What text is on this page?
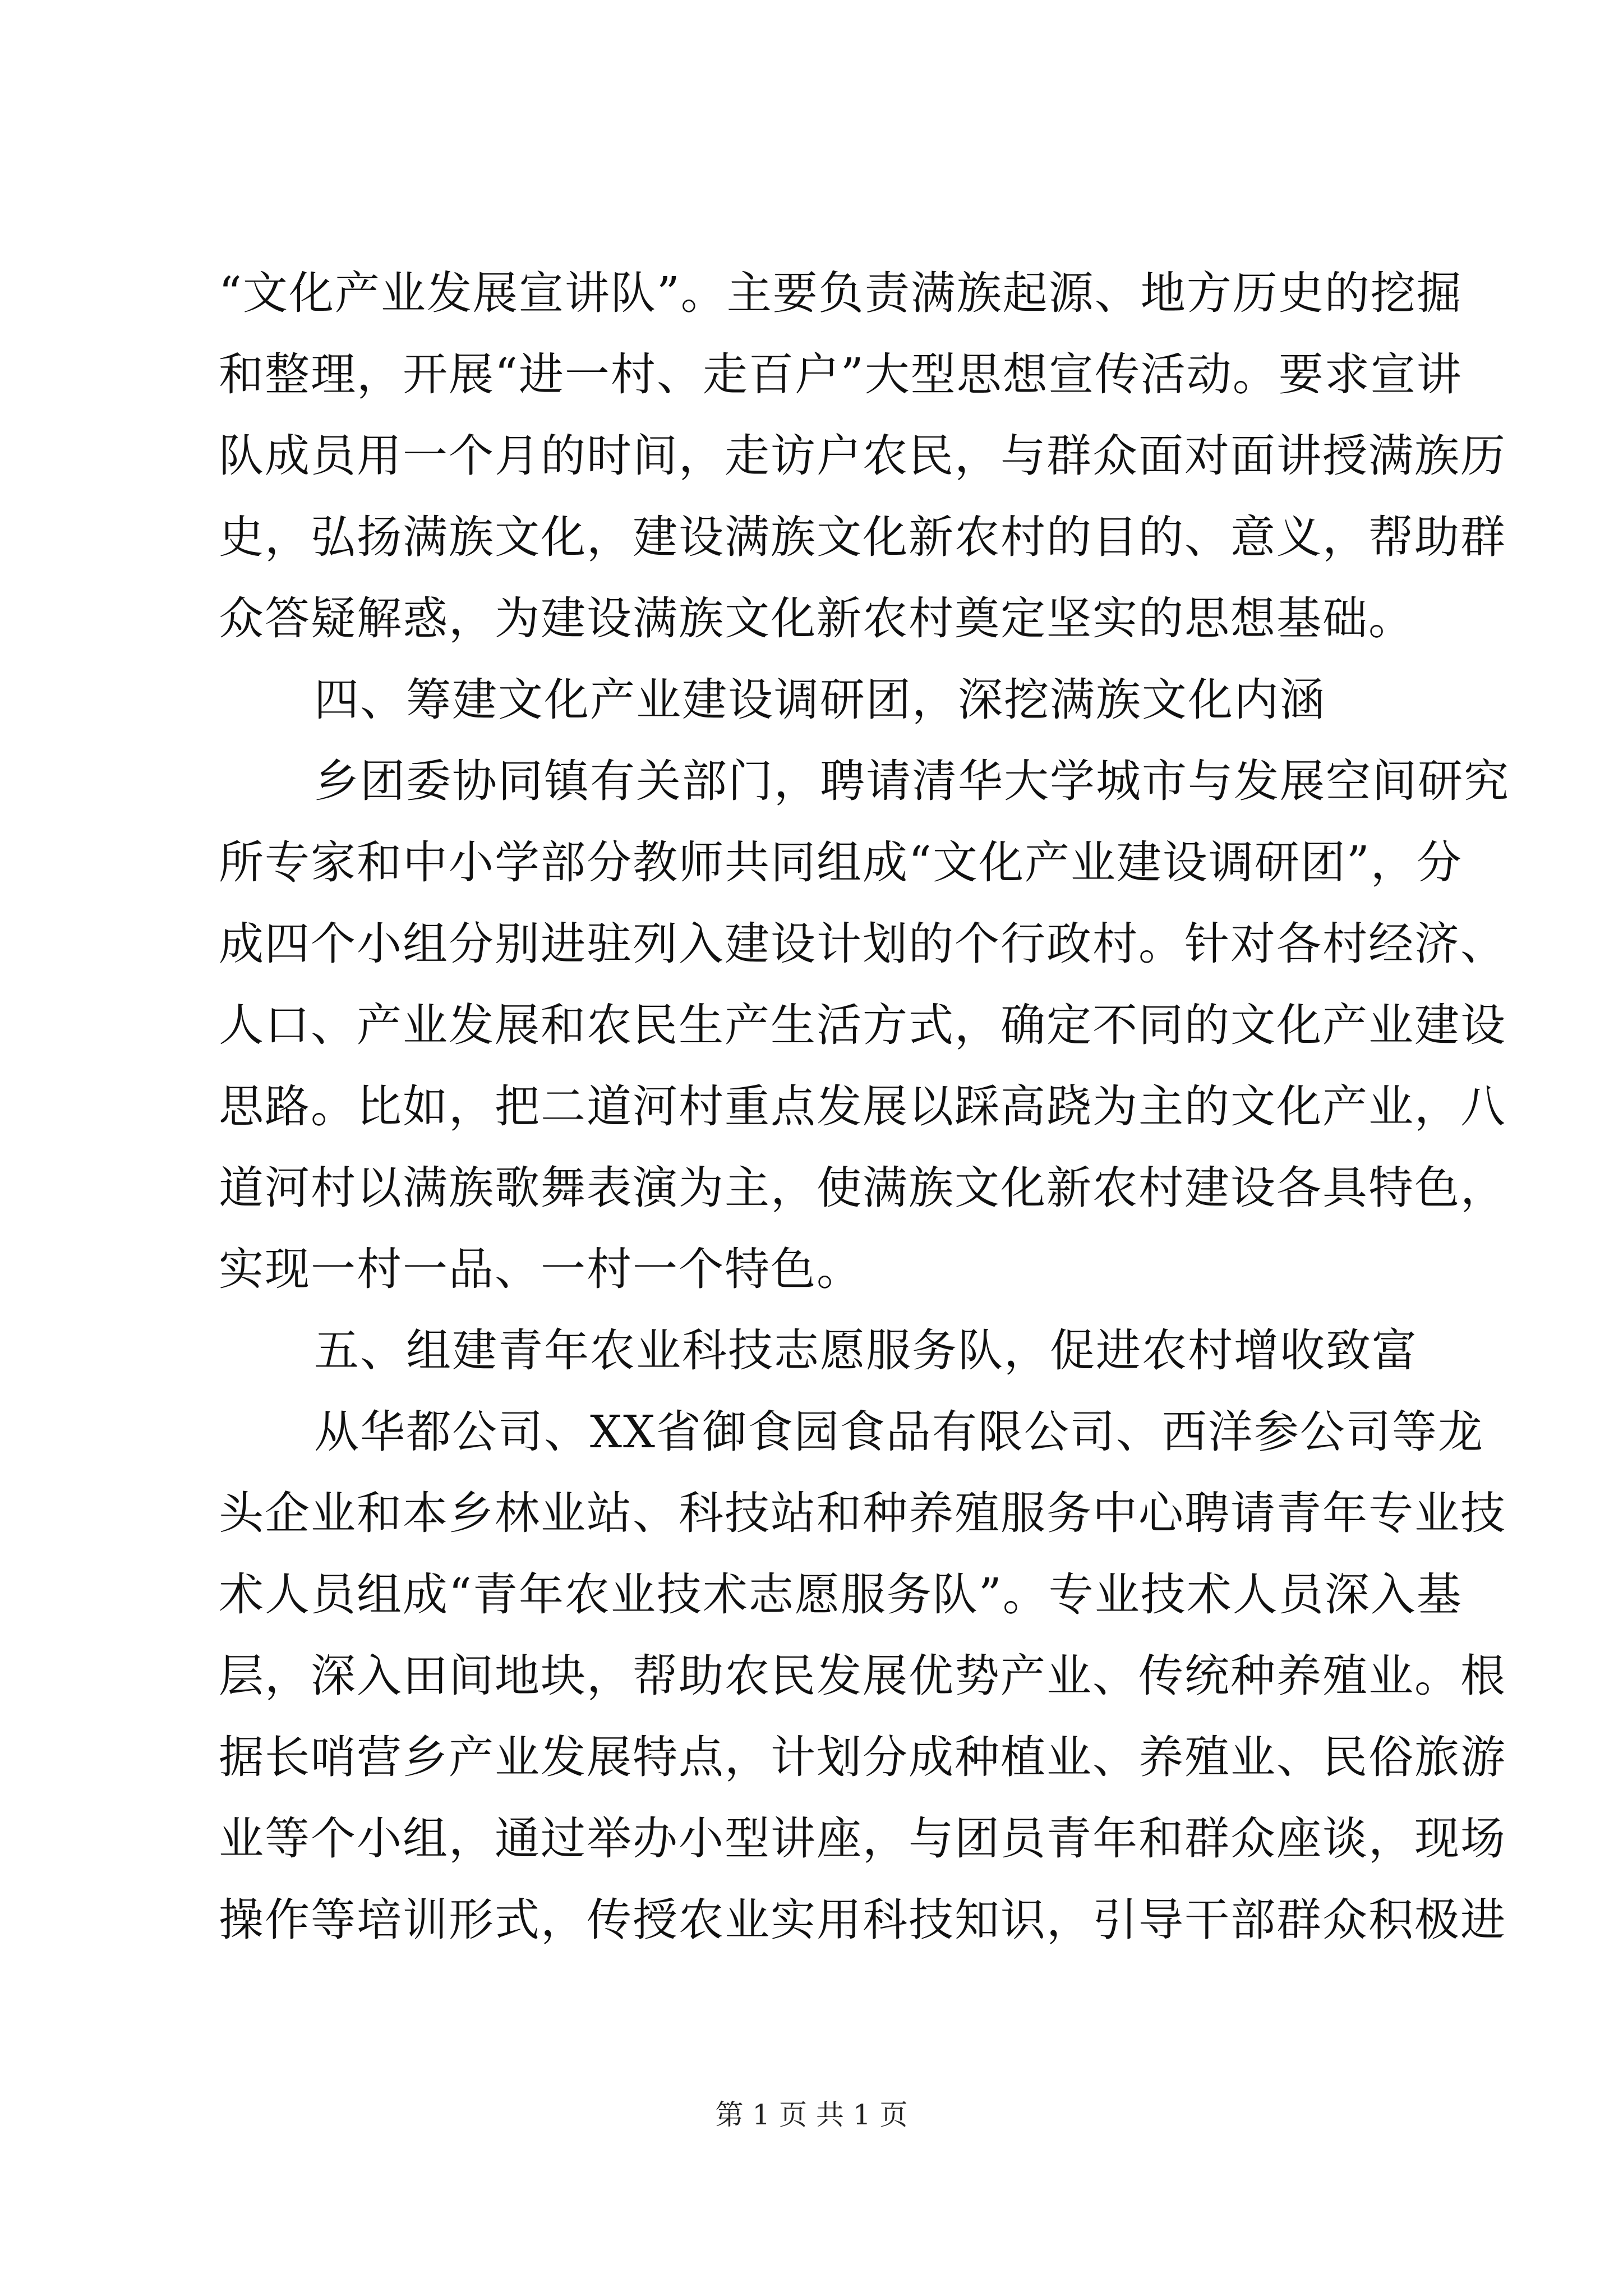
“文化产业发展宣讲队”。主要负责满族起源、地方历史的挖掘
和整理，开展“进一村、走百户”大型思想宣传活动。要求宣讲
队成员用一个月的时间，走访户农民，与群众面对面讲授满族历
史，弘扬满族文化，建设满族文化新农村的目的、意义，帮助群
众答疑解惑，为建设满族文化新农村奠定坚实的思想基础。
四、筹建文化产业建设调研团，深挖满族文化内涵
乡团委协同镇有关部门，聘请清华大学城市与发展空间研究
所专家和中小学部分教师共同组成“文化产业建设调研团”，分
成四个小组分别进驻列入建设计划的个行政村。针对各村经济、
人口、产业发展和农民生产生活方式，确定不同的文化产业建设
思路。比如，把二道河村重点发展以踩高跷为主的文化产业，八
道河村以满族歌舞表演为主，使满族文化新农村建设各具特色，
实现一村一品、一村一个特色。
五、组建青年农业科技志愿服务队，促进农村增收致富
从华都公司、XX省御食园食品有限公司、西洋参公司等龙
头企业和本乡林业站、科技站和种养殖服务中心聘请青年专业技
术人员组成“青年农业技术志愿服务队”。专业技术人员深入基
层，深入田间地块，帮助农民发展优势产业、传统种养殖业。根
据长哨营乡产业发展特点，计划分成种植业、养殖业、民俗旅游
业等个小组，通过举办小型讲座，与团员青年和群众座谈，现场
操作等培训形式，传授农业实用科技知识，引导干部群众积极进
第 1 页 共 1 页
